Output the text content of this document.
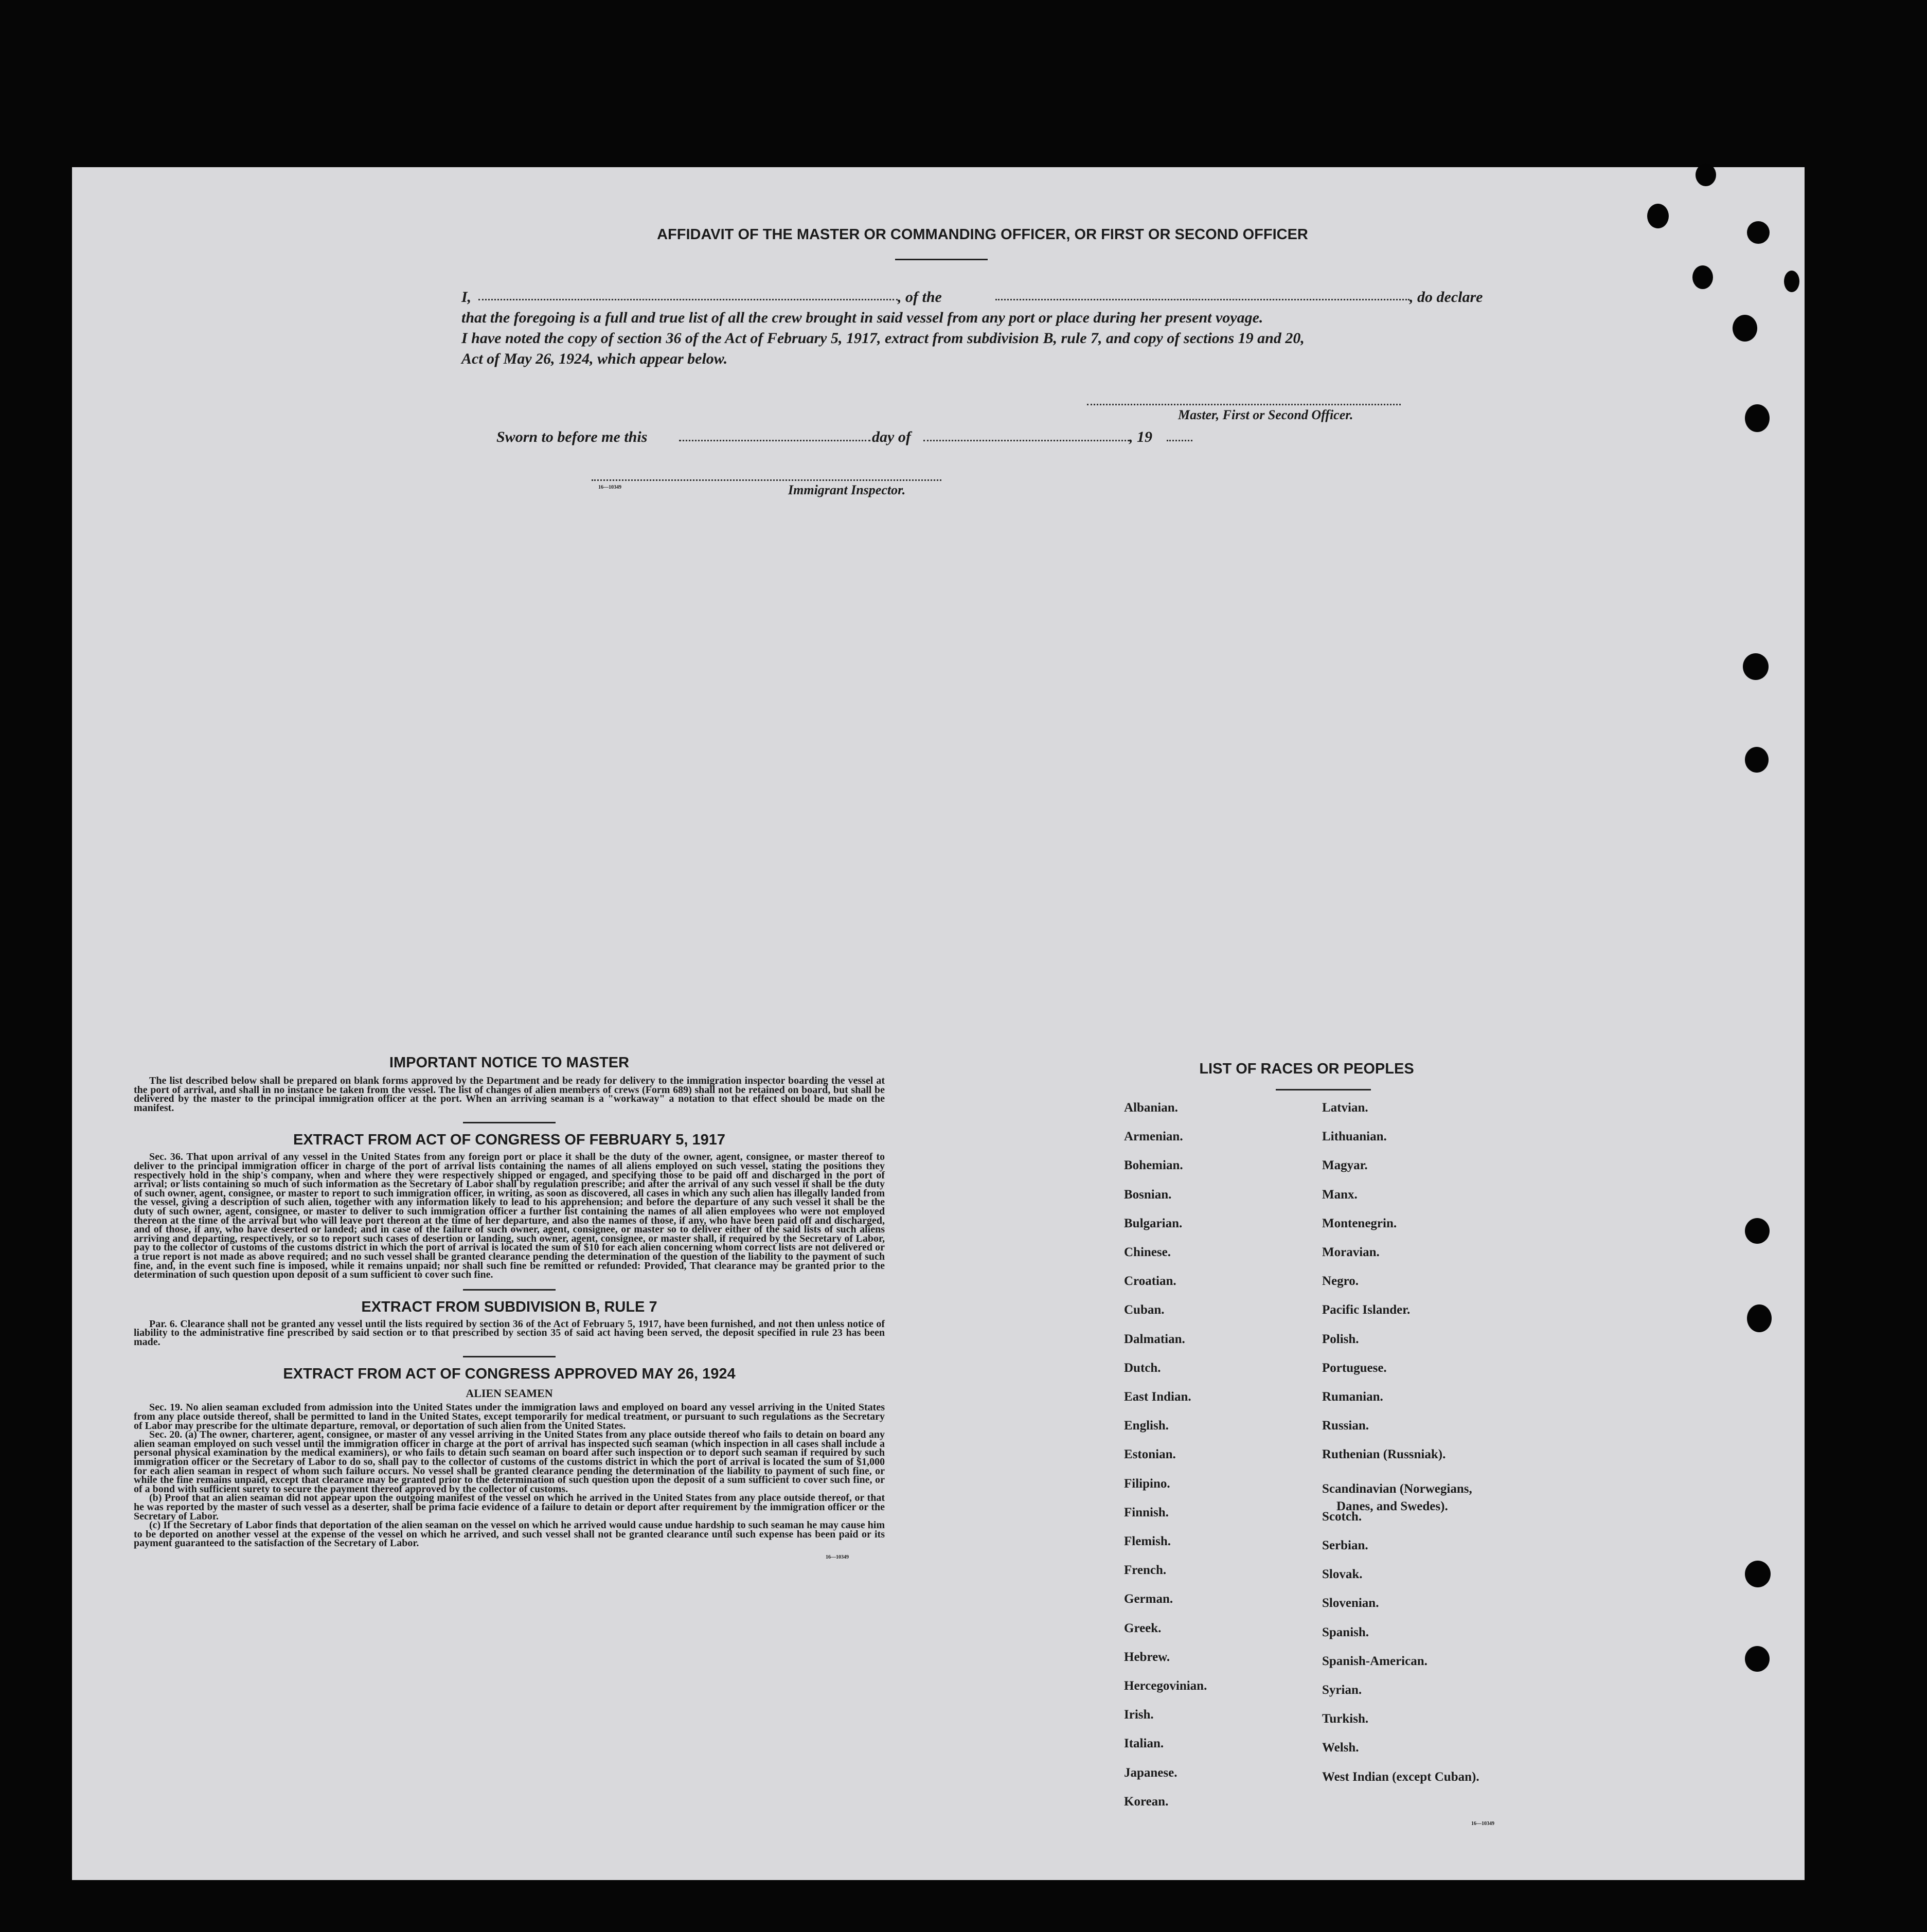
AFFIDAVIT OF THE MASTER OR COMMANDING OFFICER, OR FIRST OR SECOND OFFICER
I,	, of the	, do declare
that the foregoing is a full and true list of all the crew brought in said vessel from any port or place during her present voyage.
I have noted the copy of section 36 of the Act of February 5, 1917, extract from subdivision B, rule 7, and copy of sections 19 and 20,
Act of May 26, 1924, which appear below.
Master, First or Second Officer.
Sworn to before me this	day of	, 19
16—10349	Immigrant Inspector.
IMPORTANT NOTICE TO MASTER

The list described below shall be prepared on blank forms approved by the Department and be ready for delivery to the immigration inspector boarding the vessel at the port of arrival, and shall in no instance be taken from the vessel. The list of changes of alien members of crews (Form 689) shall not be retained on board, but shall be delivered by the master to the principal immigration officer at the port. When an arriving seaman is a "workaway" a notation to that effect should be made on the manifest.

EXTRACT FROM ACT OF CONGRESS OF FEBRUARY 5, 1917

Sec. 36. That upon arrival of any vessel in the United States from any foreign port or place it shall be the duty of the owner, agent, consignee, or master thereof to deliver to the principal immigration officer in charge of the port of arrival lists containing the names of all aliens employed on such vessel, stating the positions they respectively hold in the ship's company, when and where they were respectively shipped or engaged, and specifying those to be paid off and discharged in the port of arrival; or lists containing so much of such information as the Secretary of Labor shall by regulation prescribe; and after the arrival of any such vessel it shall be the duty of such owner, agent, consignee, or master to report to such immigration officer, in writing, as soon as discovered, all cases in which any such alien has illegally landed from the vessel, giving a description of such alien, together with any information likely to lead to his apprehension; and before the departure of any such vessel it shall be the duty of such owner, agent, consignee, or master to deliver to such immigration officer a further list containing the names of all alien employees who were not employed thereon at the time of the arrival but who will leave port thereon at the time of her departure, and also the names of those, if any, who have been paid off and discharged, and of those, if any, who have deserted or landed; and in case of the failure of such owner, agent, consignee, or master so to deliver either of the said lists of such aliens arriving and departing, respectively, or so to report such cases of desertion or landing, such owner, agent, consignee, or master shall, if required by the Secretary of Labor, pay to the collector of customs of the customs district in which the port of arrival is located the sum of $10 for each alien concerning whom correct lists are not delivered or a true report is not made as above required; and no such vessel shall be granted clearance pending the determination of the question of the liability to the payment of such fine, and, in the event such fine is imposed, while it remains unpaid; nor shall such fine be remitted or refunded: Provided, That clearance may be granted prior to the determination of such question upon deposit of a sum sufficient to cover such fine.

EXTRACT FROM SUBDIVISION B, RULE 7

Par. 6. Clearance shall not be granted any vessel until the lists required by section 36 of the Act of February 5, 1917, have been furnished, and not then unless notice of liability to the administrative fine prescribed by said section or to that prescribed by section 35 of said act having been served, the deposit specified in rule 23 has been made.

EXTRACT FROM ACT OF CONGRESS APPROVED MAY 26, 1924
ALIEN SEAMEN

Sec. 19. No alien seaman excluded from admission into the United States under the immigration laws and employed on board any vessel arriving in the United States from any place outside thereof, shall be permitted to land in the United States, except temporarily for medical treatment, or pursuant to such regulations as the Secretary of Labor may prescribe for the ultimate departure, removal, or deportation of such alien from the United States.

Sec. 20. (a) The owner, charterer, agent, consignee, or master of any vessel arriving in the United States from any place outside thereof who fails to detain on board any alien seaman employed on such vessel until the immigration officer in charge at the port of arrival has inspected such seaman (which inspection in all cases shall include a personal physical examination by the medical examiners), or who fails to detain such seaman on board after such inspection or to deport such seaman if required by such immigration officer or the Secretary of Labor to do so, shall pay to the collector of customs of the customs district in which the port of arrival is located the sum of $1,000 for each alien seaman in respect of whom such failure occurs. No vessel shall be granted clearance pending the determination of the liability to payment of such fine, or while the fine remains unpaid, except that clearance may be granted prior to the determination of such question upon the deposit of a sum sufficient to cover such fine, or of a bond with sufficient surety to secure the payment thereof approved by the collector of customs.

(b) Proof that an alien seaman did not appear upon the outgoing manifest of the vessel on which he arrived in the United States from any place outside thereof, or that he was reported by the master of such vessel as a deserter, shall be prima facie evidence of a failure to detain or deport after requirement by the immigration officer or the Secretary of Labor.

(c) If the Secretary of Labor finds that deportation of the alien seaman on the vessel on which he arrived would cause undue hardship to such seaman he may cause him to be deported on another vessel at the expense of the vessel on which he arrived, and such vessel shall not be granted clearance until such expense has been paid or its payment guaranteed to the satisfaction of the Secretary of Labor.

16—10349
LIST OF RACES OR PEOPLES
Albanian.
Armenian.
Bohemian.
Bosnian.
Bulgarian.
Chinese.
Croatian.
Cuban.
Dalmatian.
Dutch.
East Indian.
English.
Estonian.
Filipino.
Finnish.
Flemish.
French.
German.
Greek.
Hebrew.
Hercegovinian.
Irish.
Italian.
Japanese.
Korean.
Latvian.
Lithuanian.
Magyar.
Manx.
Montenegrin.
Moravian.
Negro.
Pacific Islander.
Polish.
Portuguese.
Rumanian.
Russian.
Ruthenian (Russniak).
Scandinavian (Norwegians,
Danes, and Swedes).
Scotch.
Serbian.
Slovak.
Slovenian.
Spanish.
Spanish-American.
Syrian.
Turkish.
Welsh.
West Indian (except Cuban).
16—10349
